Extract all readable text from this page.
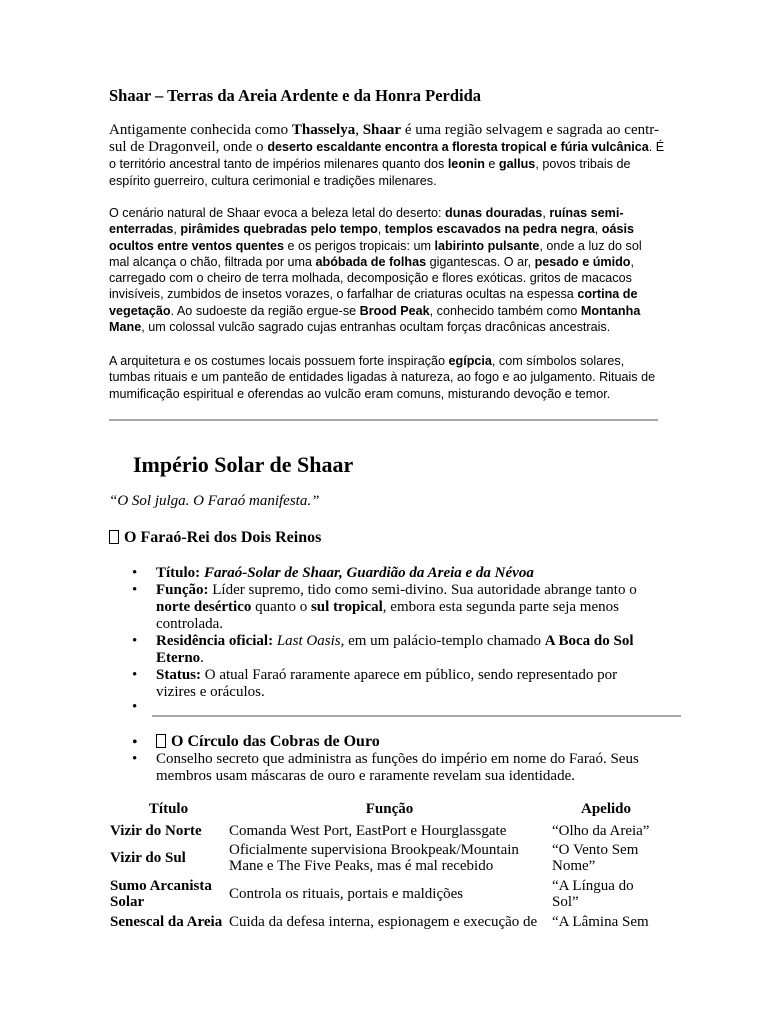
Shaar – Terras da Areia Ardente e da Honra Perdida
Antigamente conhecida como Thasselya, Shaar é uma região selvagem e sagrada ao centr-sul de Dragonveil, onde o deserto escaldante encontra a floresta tropical e fúria vulcânica. É o território ancestral tanto de impérios milenares quanto dos leonin e gallus, povos tribais de espírito guerreiro, cultura cerimonial e tradições milenares.
O cenário natural de Shaar evoca a beleza letal do deserto: dunas douradas, ruínas semi-enterradas, pirâmides quebradas pelo tempo, templos escavados na pedra negra, oásis ocultos entre ventos quentes e os perigos tropicais: um labirinto pulsante, onde a luz do sol mal alcança o chão, filtrada por uma abóbada de folhas gigantescas. O ar, pesado e úmido, carregado com o cheiro de terra molhada, decomposição e flores exóticas. gritos de macacos invisíveis, zumbidos de insetos vorazes, o farfalhar de criaturas ocultas na espessa cortina de vegetação. Ao sudoeste da região ergue-se Brood Peak, conhecido também como Montanha Mane, um colossal vulcão sagrado cujas entranhas ocultam forças dracônicas ancestrais.
A arquitetura e os costumes locais possuem forte inspiração egípcia, com símbolos solares, tumbas rituais e um panteão de entidades ligadas à natureza, ao fogo e ao julgamento. Rituais de mumificação espiritual e oferendas ao vulcão eram comuns, misturando devoção e temor.
Império Solar de Shaar
“O Sol julga. O Faraó manifesta.”
O Faraó-Rei dos Dois Reinos
• Título: Faraó-Solar de Shaar, Guardião da Areia e da Névoa
• Função: Líder supremo, tido como semi-divino. Sua autoridade abrange tanto o norte desértico quanto o sul tropical, embora esta segunda parte seja menos controlada.
• Residência oficial: Last Oasis, em um palácio-templo chamado A Boca do Sol Eterno.
• Status: O atual Faraó raramente aparece em público, sendo representado por vizires e oráculos.
•
• O Círculo das Cobras de Ouro
• Conselho secreto que administra as funções do império em nome do Faraó. Seus membros usam máscaras de ouro e raramente revelam sua identidade.
Título	Função	Apelido
Vizir do Norte	Comanda West Port, EastPort e Hourglassgate	“Olho da Areia”
Vizir do Sul	Oficialmente supervisiona Brookpeak/Mountain Mane e The Five Peaks, mas é mal recebido	“O Vento Sem Nome”
Sumo Arcanista Solar	Controla os rituais, portais e maldições	“A Língua do Sol”
Senescal da Areia	Cuida da defesa interna, espionagem e execução de	“A Lâmina Sem
